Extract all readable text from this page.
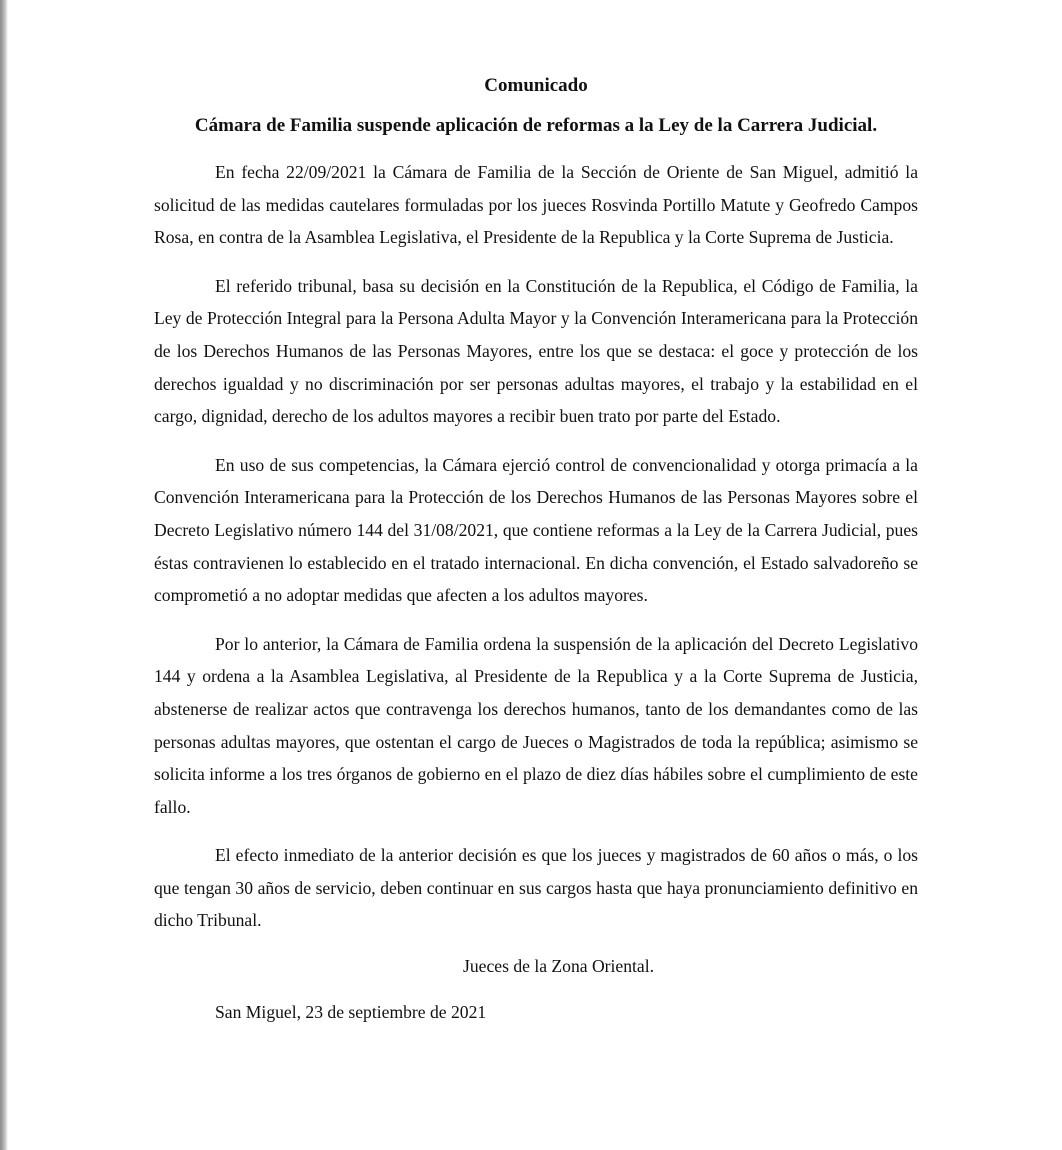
Comunicado
Cámara de Familia suspende aplicación de reformas a la Ley de la Carrera Judicial.

En fecha 22/09/2021 la Cámara de Familia de la Sección de Oriente de San Miguel, admitió la solicitud de las medidas cautelares formuladas por los jueces Rosvinda Portillo Matute y Geofredo Campos Rosa, en contra de la Asamblea Legislativa, el Presidente de la Republica y la Corte Suprema de Justicia.

El referido tribunal, basa su decisión en la Constitución de la Republica, el Código de Familia, la Ley de Protección Integral para la Persona Adulta Mayor y la Convención Interamericana para la Protección de los Derechos Humanos de las Personas Mayores, entre los que se destaca: el goce y protección de los derechos igualdad y no discriminación por ser personas adultas mayores, el trabajo y la estabilidad en el cargo, dignidad, derecho de los adultos mayores a recibir buen trato por parte del Estado.

En uso de sus competencias, la Cámara ejerció control de convencionalidad y otorga primacía a la Convención Interamericana para la Protección de los Derechos Humanos de las Personas Mayores sobre el Decreto Legislativo número 144 del 31/08/2021, que contiene reformas a la Ley de la Carrera Judicial, pues éstas contravienen lo establecido en el tratado internacional. En dicha convención, el Estado salvadoreño se comprometió a no adoptar medidas que afecten a los adultos mayores.

Por lo anterior, la Cámara de Familia ordena la suspensión de la aplicación del Decreto Legislativo 144 y ordena a la Asamblea Legislativa, al Presidente de la Republica y a la Corte Suprema de Justicia, abstenerse de realizar actos que contravenga los derechos humanos, tanto de los demandantes como de las personas adultas mayores, que ostentan el cargo de Jueces o Magistrados de toda la república; asimismo se solicita informe a los tres órganos de gobierno en el plazo de diez días hábiles sobre el cumplimiento de este fallo.

El efecto inmediato de la anterior decisión es que los jueces y magistrados de 60 años o más, o los que tengan 30 años de servicio, deben continuar en sus cargos hasta que haya pronunciamiento definitivo en dicho Tribunal.

Jueces de la Zona Oriental.
San Miguel, 23 de septiembre de 2021
